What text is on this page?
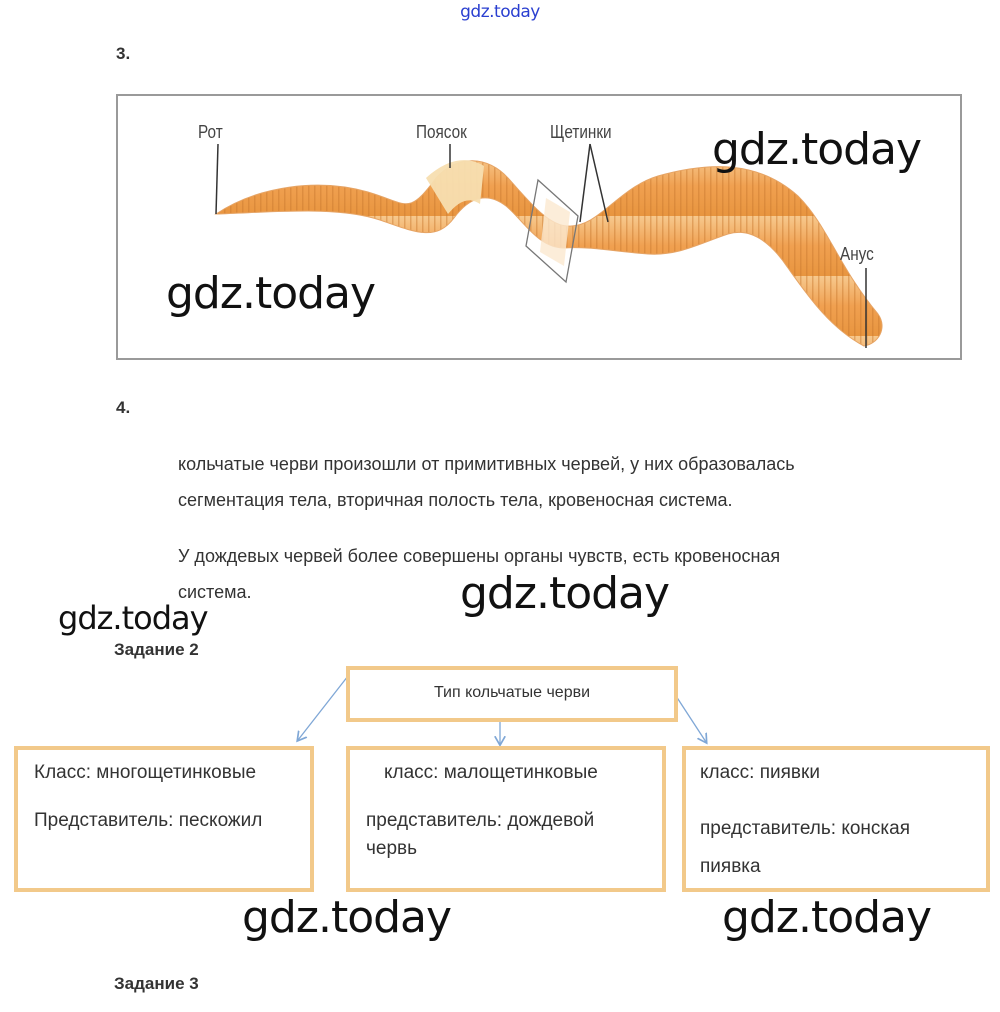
gdz.today
3.
Рот	Поясок	Щетинки
Анус
gdz.today
gdz.today
4.
кольчатые черви произошли от примитивных червей, у них образовалась
сегментация тела, вторичная полость тела, кровеносная система.
У дождевых червей более совершены органы чувств, есть кровеносная
система.	gdz.today
gdz.today
Задание 2
Тип кольчатые черви
Класс: многощетинковые
Представитель: пескожил
класс: малощетинковые
представитель: дождевой
червь
класс: пиявки
представитель: конская
пиявка
gdz.today	gdz.today
Задание 3
